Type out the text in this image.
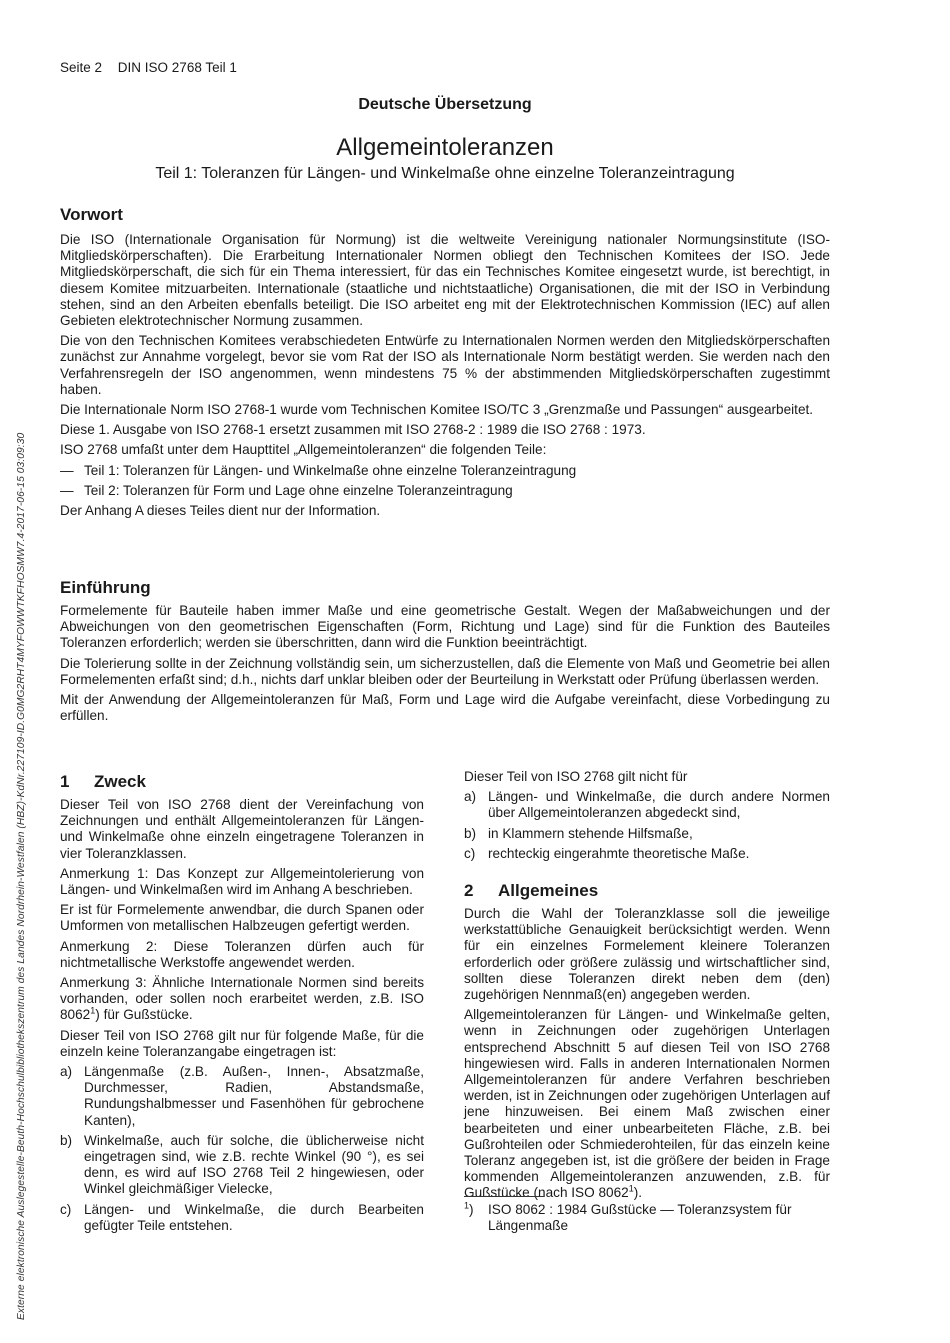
Seite 2 DIN ISO 2768 Teil 1
Externe elektronische Auslegestelle-Beuth-Hochschulbibliothekszentrum des Landes Nordrhein-Westfalen (HBZ)-KdNr.227109-ID.G0MG2RHT4MYFOWWTKFHOSMW7.4-2017-06-15 03:09:30
Deutsche Übersetzung
Allgemeintoleranzen
Teil 1: Toleranzen für Längen- und Winkelmaße ohne einzelne Toleranzeintragung
Vorwort

Die ISO (Internationale Organisation für Normung) ist die weltweite Vereinigung nationaler Normungsinstitute (ISO-Mitgliedskörperschaften). Die Erarbeitung Internationaler Normen obliegt den Technischen Komitees der ISO. Jede Mitgliedskörperschaft, die sich für ein Thema interessiert, für das ein Technisches Komitee eingesetzt wurde, ist berechtigt, in diesem Komitee mitzuarbeiten. Internationale (staatliche und nichtstaatliche) Organisationen, die mit der ISO in Verbindung stehen, sind an den Arbeiten ebenfalls beteiligt. Die ISO arbeitet eng mit der Elektrotechnischen Kommission (IEC) auf allen Gebieten elektrotechnischer Normung zusammen.

Die von den Technischen Komitees verabschiedeten Entwürfe zu Internationalen Normen werden den Mitgliedskörperschaften zunächst zur Annahme vorgelegt, bevor sie vom Rat der ISO als Internationale Norm bestätigt werden. Sie werden nach den Verfahrensregeln der ISO angenommen, wenn mindestens 75 % der abstimmenden Mitgliedskörperschaften zugestimmt haben.

Die Internationale Norm ISO 2768-1 wurde vom Technischen Komitee ISO/TC 3 „Grenzmaße und Passungen“ ausgearbeitet.

Diese 1. Ausgabe von ISO 2768-1 ersetzt zusammen mit ISO 2768-2 : 1989 die ISO 2768 : 1973.

ISO 2768 umfaßt unter dem Haupttitel „Allgemeintoleranzen“ die folgenden Teile:

— Teil 1: Toleranzen für Längen- und Winkelmaße ohne einzelne Toleranzeintragung
— Teil 2: Toleranzen für Form und Lage ohne einzelne Toleranzeintragung

Der Anhang A dieses Teiles dient nur der Information.

Einführung

Formelemente für Bauteile haben immer Maße und eine geometrische Gestalt. Wegen der Maßabweichungen und der Abweichungen von den geometrischen Eigenschaften (Form, Richtung und Lage) sind für die Funktion des Bauteiles Toleranzen erforderlich; werden sie überschritten, dann wird die Funktion beeinträchtigt.

Die Tolerierung sollte in der Zeichnung vollständig sein, um sicherzustellen, daß die Elemente von Maß und Geometrie bei allen Formelementen erfaßt sind; d.h., nichts darf unklar bleiben oder der Beurteilung in Werkstatt oder Prüfung überlassen werden.

Mit der Anwendung der Allgemeintoleranzen für Maß, Form und Lage wird die Aufgabe vereinfacht, diese Vorbedingung zu erfüllen.

1 Zweck

Dieser Teil von ISO 2768 dient der Vereinfachung von Zeichnungen und enthält Allgemeintoleranzen für Längen- und Winkelmaße ohne einzeln eingetragene Toleranzen in vier Toleranzklassen.

Anmerkung 1: Das Konzept zur Allgemeintolerierung von Längen- und Winkelmaßen wird im Anhang A beschrieben.

Er ist für Formelemente anwendbar, die durch Spanen oder Umformen von metallischen Halbzeugen gefertigt werden.

Anmerkung 2: Diese Toleranzen dürfen auch für nichtmetallische Werkstoffe angewendet werden.
Anmerkung 3: Ähnliche Internationale Normen sind bereits vorhanden, oder sollen noch erarbeitet werden, z.B. ISO 8062$^1$) für Gußstücke.

Dieser Teil von ISO 2768 gilt nur für folgende Maße, für die einzeln keine Toleranzangabe eingetragen ist:

a) Längenmaße (z.B. Außen-, Innen-, Absatzmaße, Durchmesser, Radien, Abstandsmaße, Rundungshalbmesser und Fasenhöhen für gebrochene Kanten),
b) Winkelmaße, auch für solche, die üblicherweise nicht eingetragen sind, wie z.B. rechte Winkel (90 °), es sei denn, es wird auf ISO 2768 Teil 2 hingewiesen, oder Winkel gleichmäßiger Vielecke,
c) Längen- und Winkelmaße, die durch Bearbeiten gefügter Teile entstehen.

Dieser Teil von ISO 2768 gilt nicht für

a) Längen- und Winkelmaße, die durch andere Normen über Allgemeintoleranzen abgedeckt sind,
b) in Klammern stehende Hilfsmaße,
c) rechteckig eingerahmte theoretische Maße.
2 Allgemeines

Durch die Wahl der Toleranzklasse soll die jeweilige werkstattübliche Genauigkeit berücksichtigt werden. Wenn für ein einzelnes Formelement kleinere Toleranzen erforderlich oder größere zulässig und wirtschaftlicher sind, sollten diese Toleranzen direkt neben dem (den) zugehörigen Nennmaß(en) angegeben werden.

Allgemeintoleranzen für Längen- und Winkelmaße gelten, wenn in Zeichnungen oder zugehörigen Unterlagen entsprechend Abschnitt 5 auf diesen Teil von ISO 2768 hingewiesen wird. Falls in anderen Internationalen Normen Allgemeintoleranzen für andere Verfahren beschrieben werden, ist in Zeichnungen oder zugehörigen Unterlagen auf jene hinzuweisen. Bei einem Maß zwischen einer bearbeiteten und einer unbearbeiteten Fläche, z.B. bei Gußrohteilen oder Schmiederohteilen, für das einzeln keine Toleranz angegeben ist, ist die größere der beiden in Frage kommenden Allgemeintoleranzen anzuwenden, z.B. für Gußstücke (nach ISO 8062$^1$).

$^1$) ISO 8062 : 1984 Gußstücke — Toleranzsystem für Längenmaße
